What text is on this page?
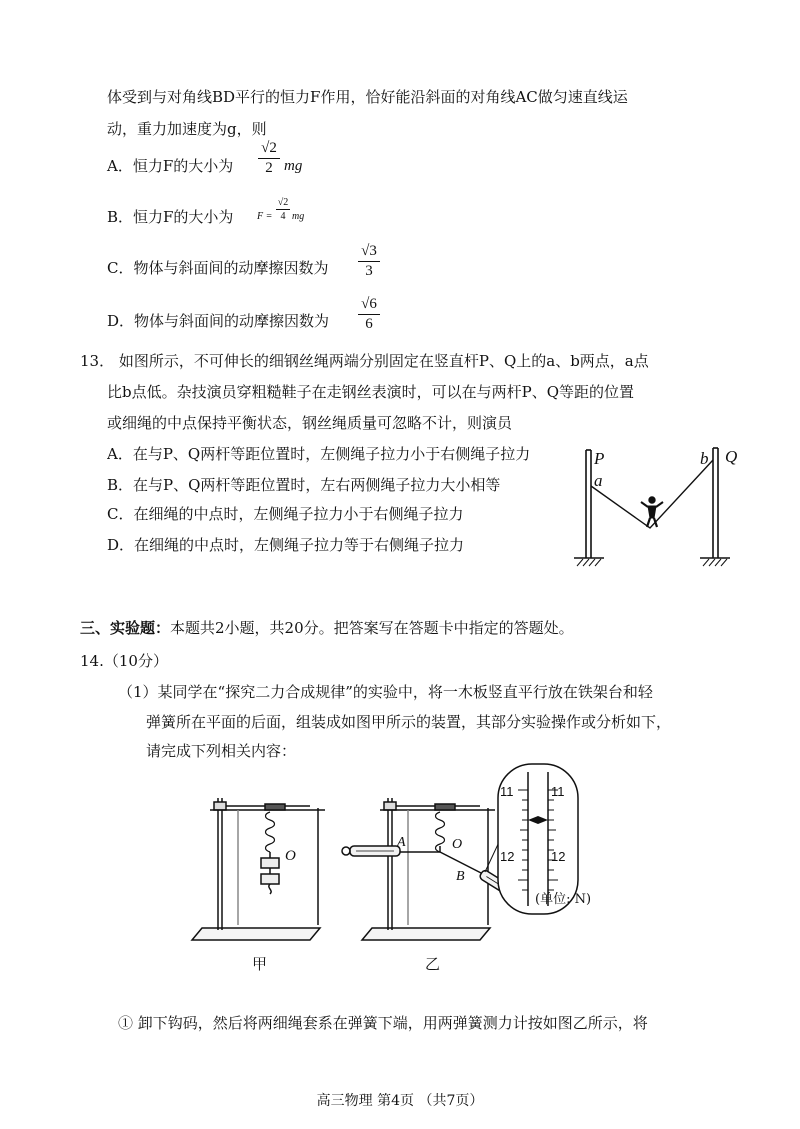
体受到与对角线BD平行的恒力F作用，恰好能沿斜面的对角线AC做匀速直线运
动，重力加速度为g，则
A．恒力F的大小为
√2
2 mg
B．恒力F的大小为 F =
√2
4 mg
C．物体与斜面间的动摩擦因数为
√3
3
D．物体与斜面间的动摩擦因数为
√6
6
13． 如图所示，不可伸长的细钢丝绳两端分别固定在竖直杆P、Q上的a、b两点，a点
比b点低。杂技演员穿粗糙鞋子在走钢丝表演时，可以在与两杆P、Q等距的位置
或细绳的中点保持平衡状态，钢丝绳质量可忽略不计，则演员
A．在与P、Q两杆等距位置时，左侧绳子拉力小于右侧绳子拉力
B．在与P、Q两杆等距位置时，左右两侧绳子拉力大小相等
C．在细绳的中点时，左侧绳子拉力小于右侧绳子拉力
D．在细绳的中点时，左侧绳子拉力等于右侧绳子拉力
P
a
b Q
三、实验题：本题共2小题，共20分。把答案写在答题卡中指定的答题处。
14.（10分）
（1）某同学在“探究二力合成规律”的实验中，将一木板竖直平行放在铁架台和轻
弹簧所在平面的后面，组装成如图甲所示的装置，其部分实验操作或分析如下，
请完成下列相关内容：
O
甲
A	O
B
11	11
12	12
(单位: N)
乙
① 卸下钩码，然后将两细绳套系在弹簧下端，用两弹簧测力计按如图乙所示，将
高三物理 第4页 （共7页）
